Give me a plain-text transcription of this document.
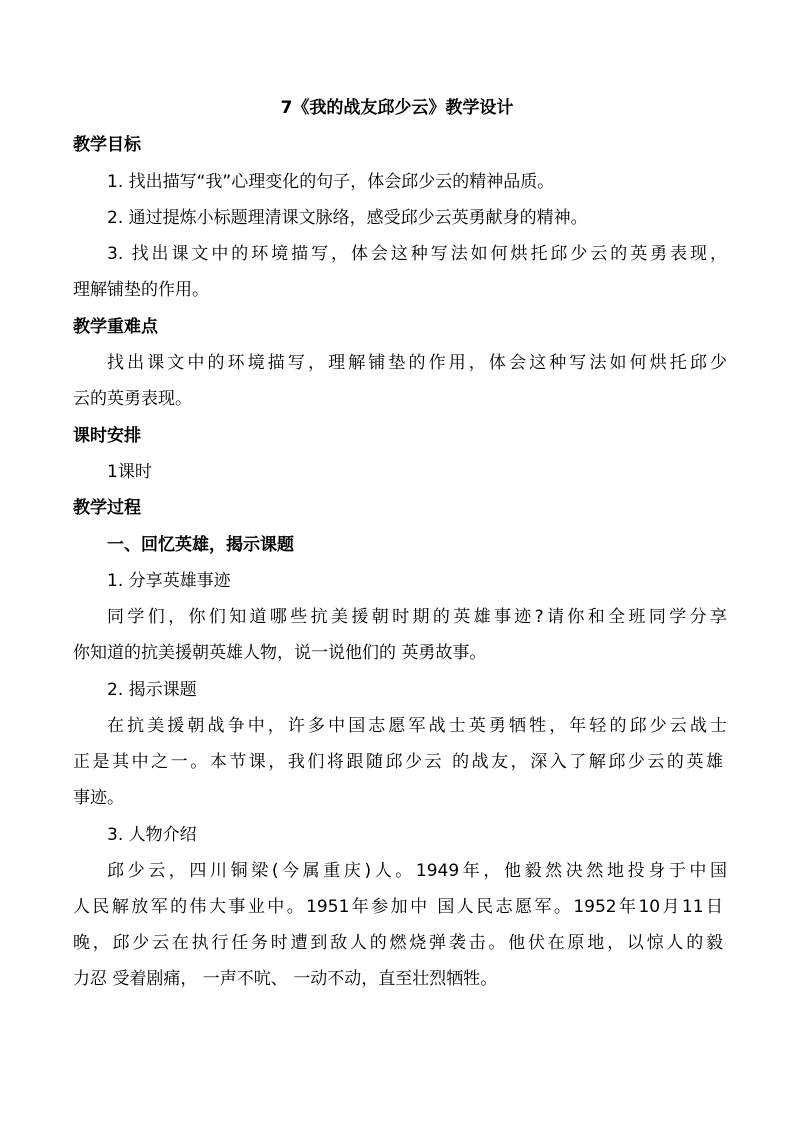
7《我的战友邱少云》教学设计
教学目标
1. 找出描写“我”心理变化的句子，体会邱少云的精神品质。
2. 通过提炼小标题理清课文脉络，感受邱少云英勇献身的精神。
3. 找出课文中的环境描写，体会这种写法如何烘托邱少云的英勇表现，
理解铺垫的作用。
教学重难点
找出课文中的环境描写，理解铺垫的作用，体会这种写法如何烘托邱少
云的英勇表现。
课时安排
1课时
教学过程
一、回忆英雄，揭示课题
1. 分享英雄事迹
同学们，你们知道哪些抗美援朝时期的英雄事迹?请你和全班同学分享
你知道的抗美援朝英雄人物，说一说他们的 英勇故事。
2. 揭示课题
在抗美援朝战争中，许多中国志愿军战士英勇牺牲，年轻的邱少云战士
正是其中之一。本节课，我们将跟随邱少云 的战友，深入了解邱少云的英雄
事迹。
3. 人物介绍
邱少云，四川铜梁(今属重庆)人。1949年，他毅然决然地投身于中国
人民解放军的伟大事业中。1951年参加中 国人民志愿军。1952年10月11日
晚，邱少云在执行任务时遭到敌人的燃烧弹袭击。他伏在原地，以惊人的毅
力忍 受着剧痛， 一声不吭、 一动不动，直至壮烈牺牲。
